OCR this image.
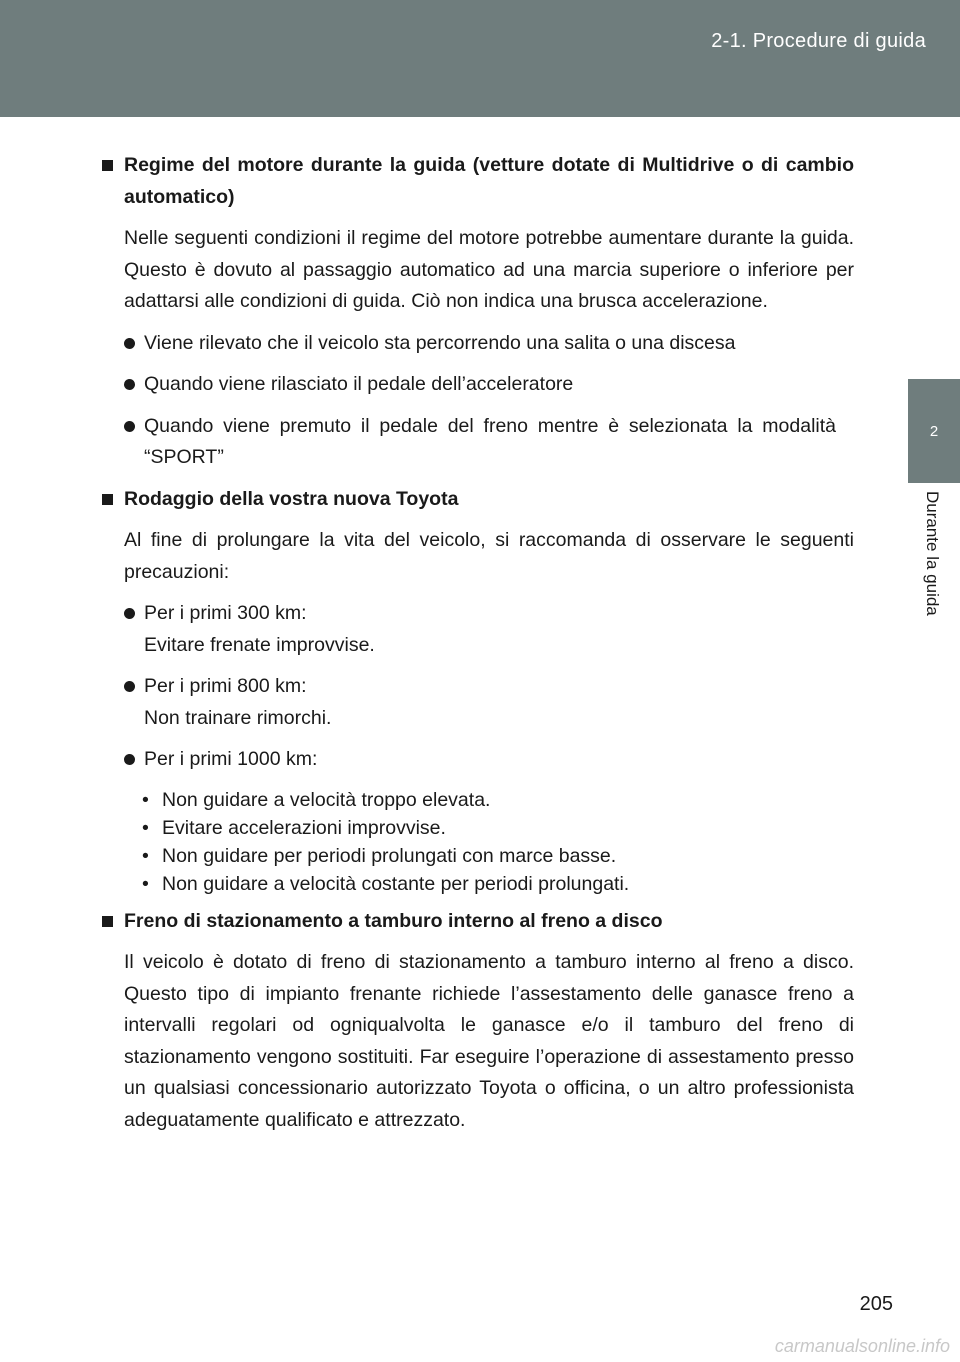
2-1. Procedure di guida
2
Durante la guida
Regime del motore durante la guida (vetture dotate di Multidrive o di cambio automatico)
Nelle seguenti condizioni il regime del motore potrebbe aumentare durante la guida. Questo è dovuto al passaggio automatico ad una marcia superiore o inferiore per adattarsi alle condizioni di guida. Ciò non indica una brusca accelerazione.
Viene rilevato che il veicolo sta percorrendo una salita o una discesa
Quando viene rilasciato il pedale dell’acceleratore
Quando viene premuto il pedale del freno mentre è selezionata la modalità “SPORT”
Rodaggio della vostra nuova Toyota
Al fine di prolungare la vita del veicolo, si raccomanda di osservare le seguenti precauzioni:
Per i primi 300 km:
Evitare frenate improvvise.
Per i primi 800 km:
Non trainare rimorchi.
Per i primi 1000 km:
• Non guidare a velocità troppo elevata.
• Evitare accelerazioni improvvise.
• Non guidare per periodi prolungati con marce basse.
• Non guidare a velocità costante per periodi prolungati.
Freno di stazionamento a tamburo interno al freno a disco
Il veicolo è dotato di freno di stazionamento a tamburo interno al freno a disco. Questo tipo di impianto frenante richiede l’assestamento delle ganasce freno a intervalli regolari od ogniqualvolta le ganasce e/o il tamburo del freno di stazionamento vengono sostituiti. Far eseguire l’operazione di assestamento presso un qualsiasi concessionario autorizzato Toyota o officina, o un altro professionista adeguatamente qualificato e attrezzato.
205
carmanualsonline.info
